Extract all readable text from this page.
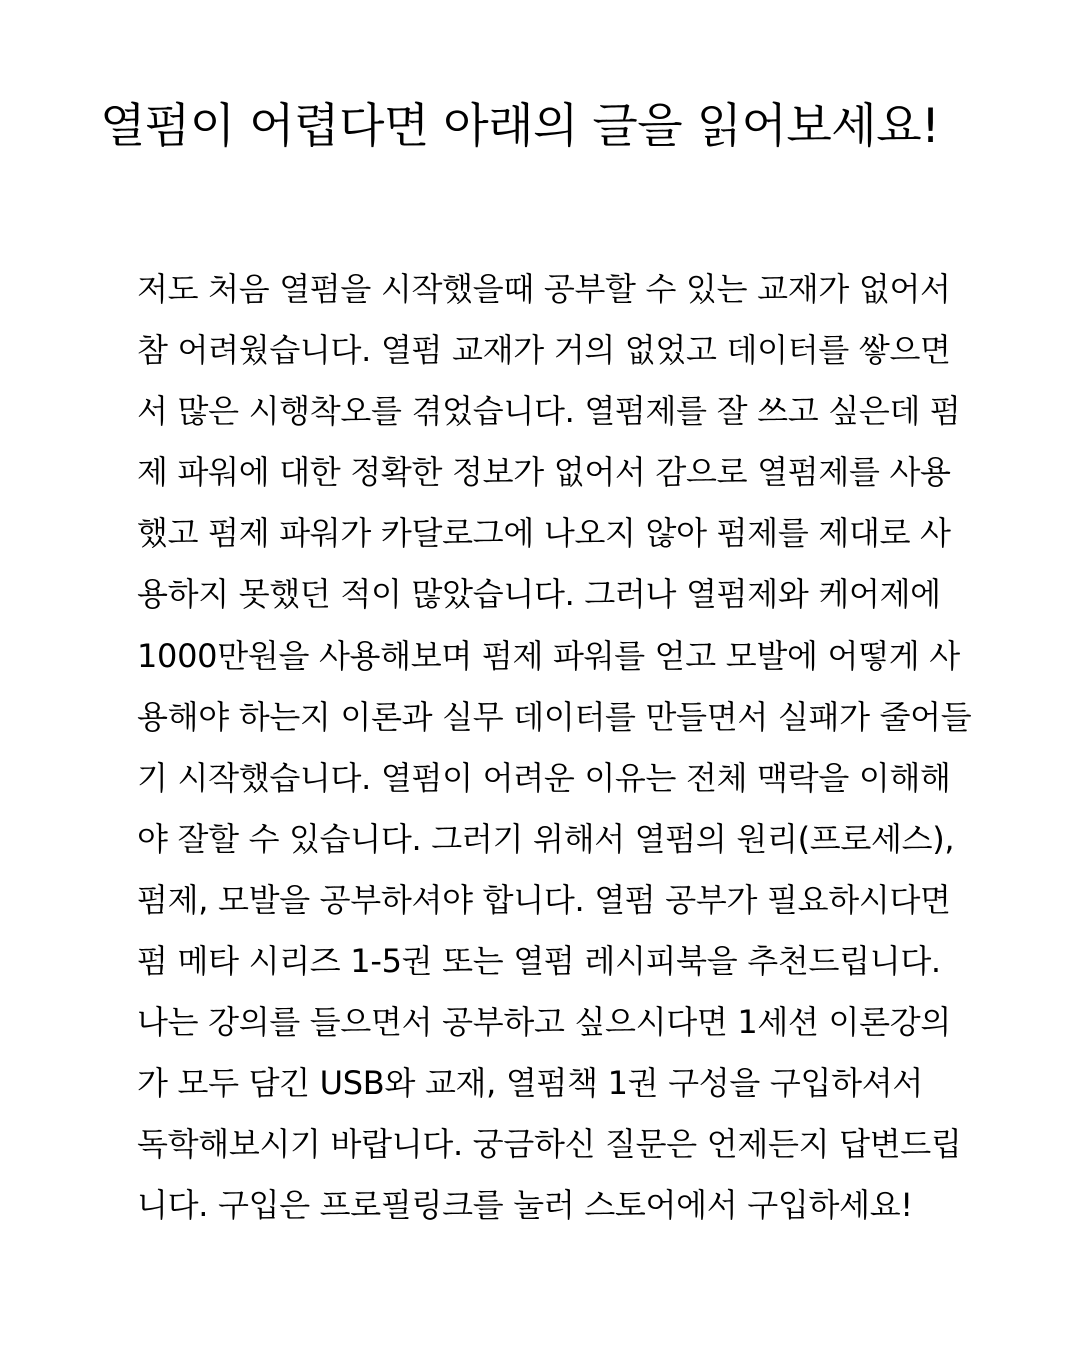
열펌이 어렵다면 아래의 글을 읽어보세요!
저도 처음 열펌을 시작했을때 공부할 수 있는 교재가 없어서
참 어려웠습니다. 열펌 교재가 거의 없었고 데이터를 쌓으면
서 많은 시행착오를 겪었습니다. 열펌제를 잘 쓰고 싶은데 펌
제 파워에 대한 정확한 정보가 없어서 감으로 열펌제를 사용
했고 펌제 파워가 카달로그에 나오지 않아 펌제를 제대로 사
용하지 못했던 적이 많았습니다. 그러나 열펌제와 케어제에
1000만원을 사용해보며 펌제 파워를 얻고 모발에 어떻게 사
용해야 하는지 이론과 실무 데이터를 만들면서 실패가 줄어들
기 시작했습니다. 열펌이 어려운 이유는 전체 맥락을 이해해
야 잘할 수 있습니다. 그러기 위해서 열펌의 원리(프로세스),
펌제, 모발을 공부하셔야 합니다. 열펌 공부가 필요하시다면
펌 메타 시리즈 1-5권 또는 열펌 레시피북을 추천드립니다.
나는 강의를 들으면서 공부하고 싶으시다면 1세션 이론강의
가 모두 담긴 USB와 교재, 열펌책 1권 구성을 구입하셔서
독학해보시기 바랍니다. 궁금하신 질문은 언제든지 답변드립
니다. 구입은 프로필링크를 눌러 스토어에서 구입하세요!
